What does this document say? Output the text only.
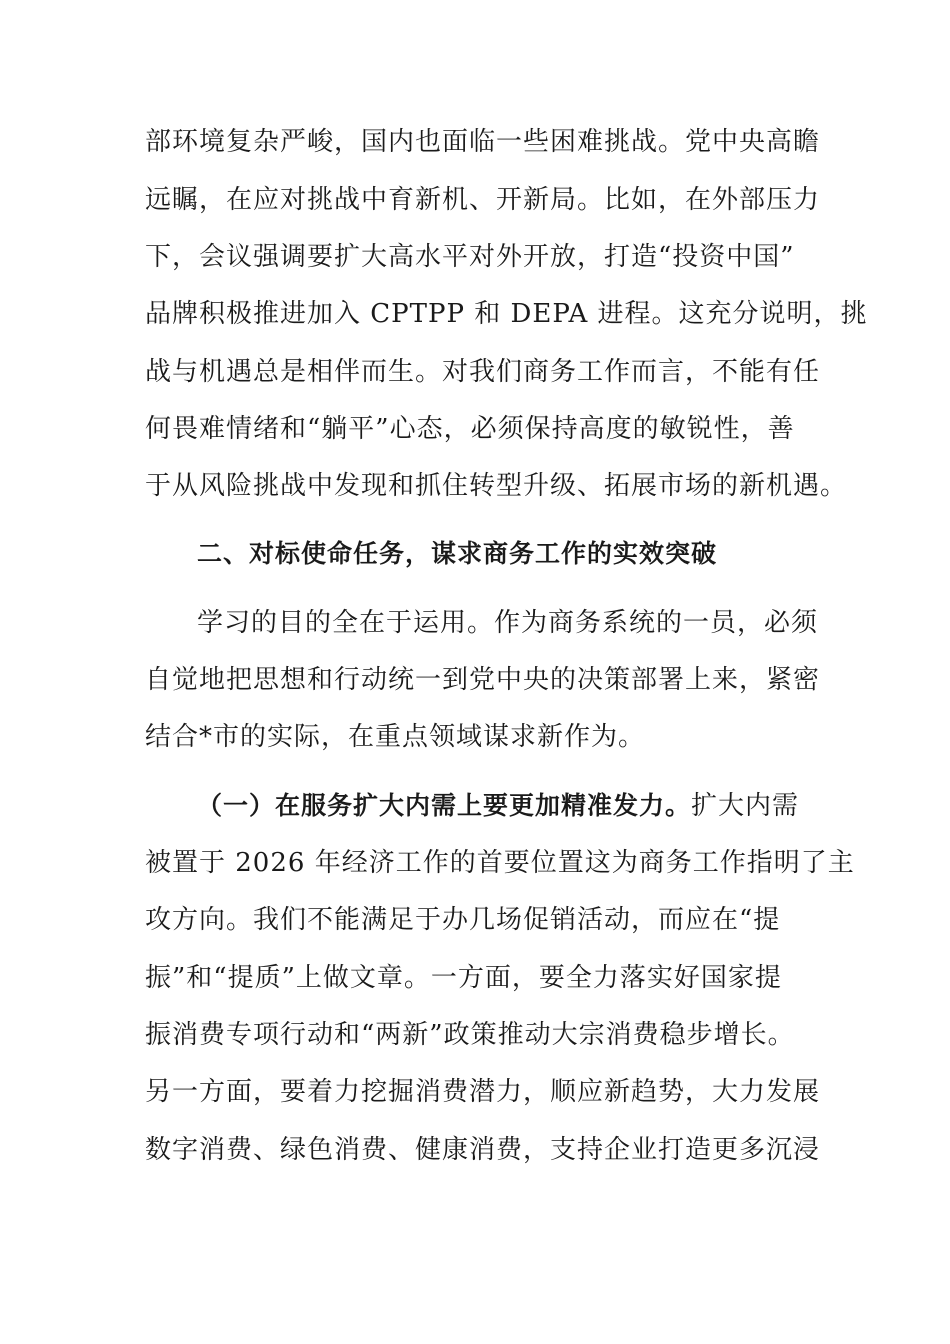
部环境复杂严峻，国内也面临一些困难挑战。党中央高瞻
远瞩，在应对挑战中育新机、开新局。比如，在外部压力
下，会议强调要扩大高水平对外开放，打造“投资中国”
品牌积极推进加入 CPTPP 和 DEPA 进程。这充分说明，挑
战与机遇总是相伴而生。对我们商务工作而言，不能有任
何畏难情绪和“躺平”心态，必须保持高度的敏锐性，善
于从风险挑战中发现和抓住转型升级、拓展市场的新机遇。
二、对标使命任务，谋求商务工作的实效突破
学习的目的全在于运用。作为商务系统的一员，必须
自觉地把思想和行动统一到党中央的决策部署上来，紧密
结合*市的实际，在重点领域谋求新作为。
（一）在服务扩大内需上要更加精准发力。扩大内需
被置于 2026 年经济工作的首要位置这为商务工作指明了主
攻方向。我们不能满足于办几场促销活动，而应在“提
振”和“提质”上做文章。一方面，要全力落实好国家提
振消费专项行动和“两新”政策推动大宗消费稳步增长。
另一方面，要着力挖掘消费潜力，顺应新趋势，大力发展
数字消费、绿色消费、健康消费，支持企业打造更多沉浸
